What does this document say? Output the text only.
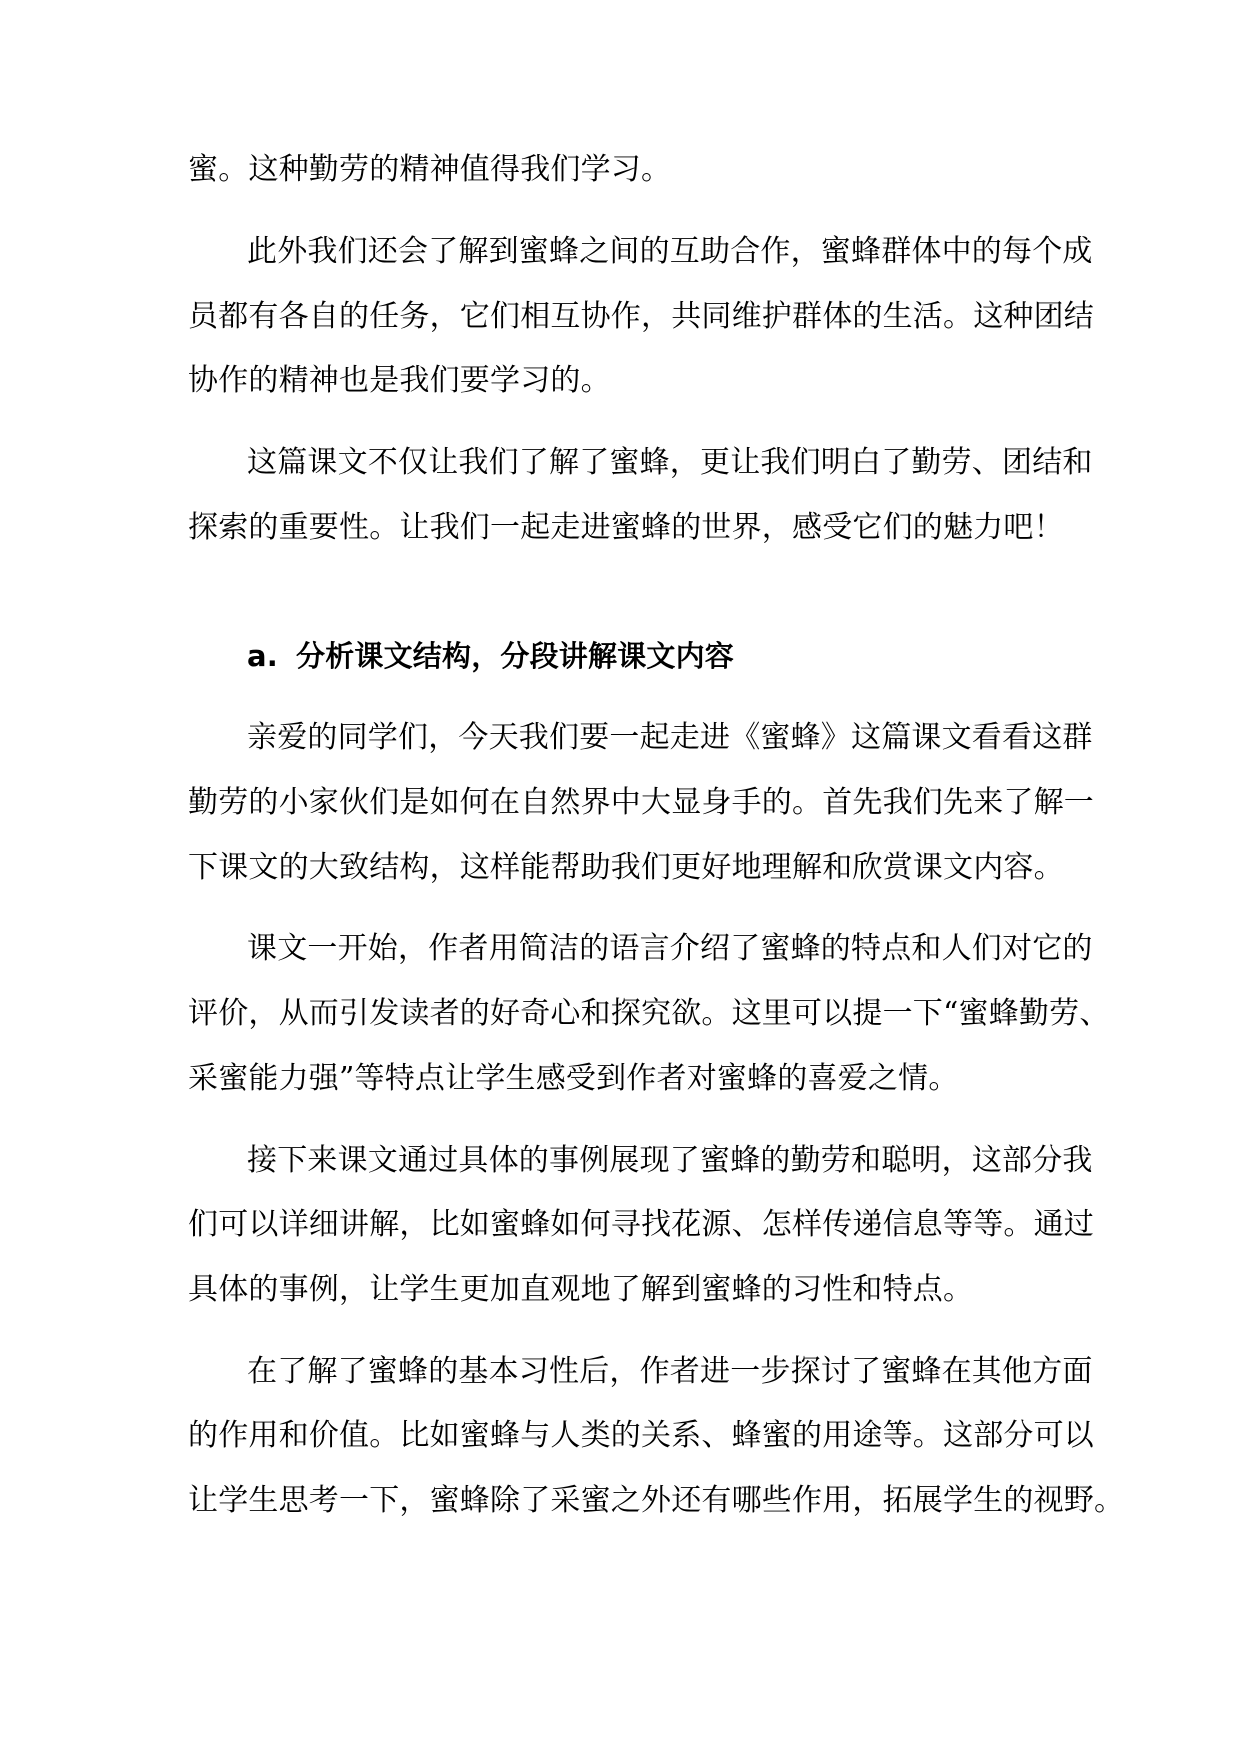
蜜。这种勤劳的精神值得我们学习。
此外我们还会了解到蜜蜂之间的互助合作，蜜蜂群体中的每个成
员都有各自的任务，它们相互协作，共同维护群体的生活。这种团结
协作的精神也是我们要学习的。
这篇课文不仅让我们了解了蜜蜂，更让我们明白了勤劳、团结和
探索的重要性。让我们一起走进蜜蜂的世界，感受它们的魅力吧！
a. 分析课文结构，分段讲解课文内容
亲爱的同学们，今天我们要一起走进《蜜蜂》这篇课文看看这群
勤劳的小家伙们是如何在自然界中大显身手的。首先我们先来了解一
下课文的大致结构，这样能帮助我们更好地理解和欣赏课文内容。
课文一开始，作者用简洁的语言介绍了蜜蜂的特点和人们对它的
评价，从而引发读者的好奇心和探究欲。这里可以提一下“蜜蜂勤劳、
采蜜能力强”等特点让学生感受到作者对蜜蜂的喜爱之情。
接下来课文通过具体的事例展现了蜜蜂的勤劳和聪明，这部分我
们可以详细讲解，比如蜜蜂如何寻找花源、怎样传递信息等等。通过
具体的事例，让学生更加直观地了解到蜜蜂的习性和特点。
在了解了蜜蜂的基本习性后，作者进一步探讨了蜜蜂在其他方面
的作用和价值。比如蜜蜂与人类的关系、蜂蜜的用途等。这部分可以
让学生思考一下，蜜蜂除了采蜜之外还有哪些作用，拓展学生的视野。
